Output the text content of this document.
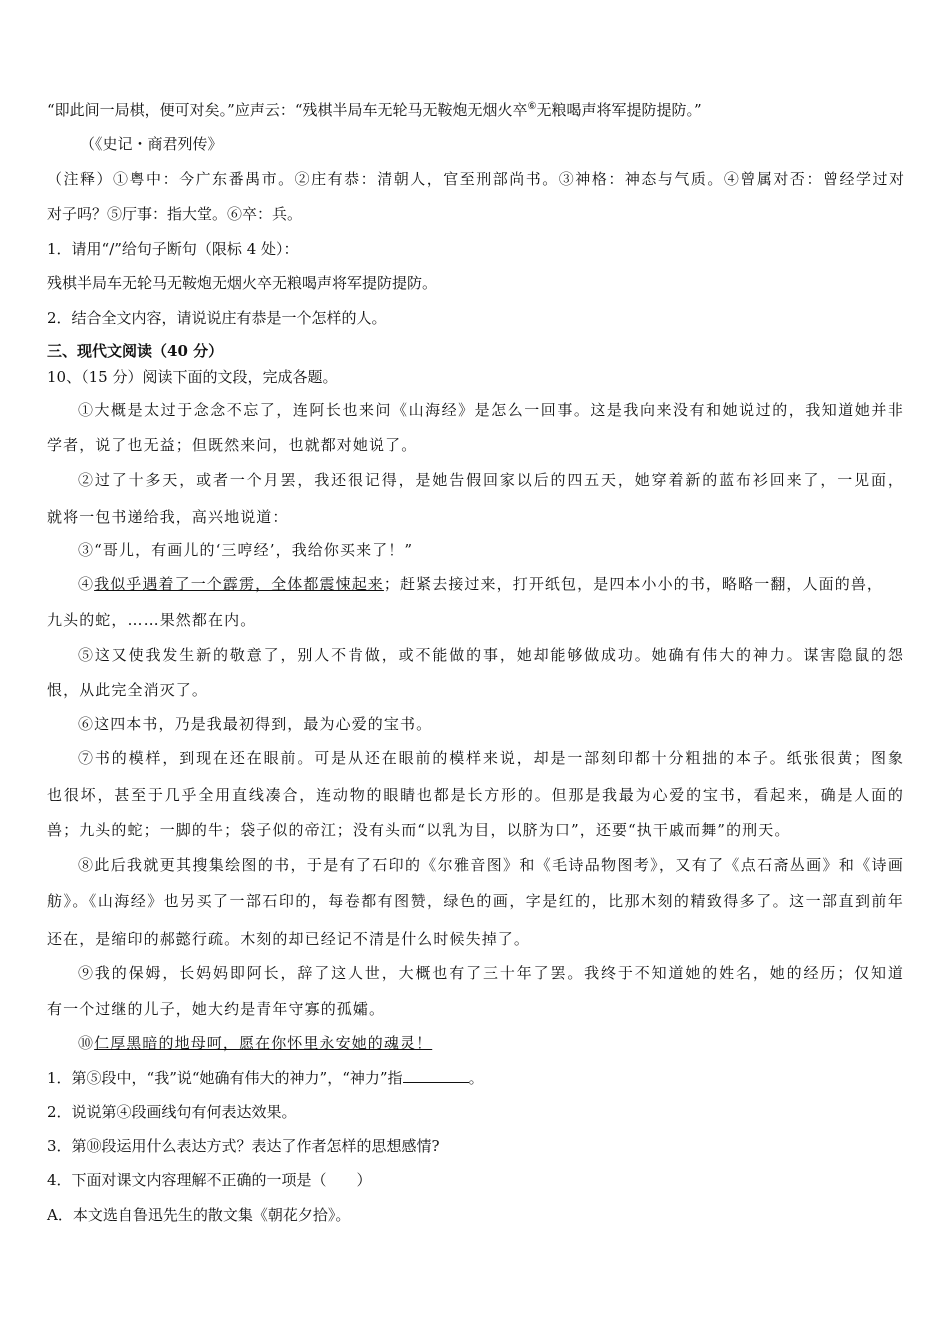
“即此间一局棋，便可对矣。”应声云：“残棋半局车无轮马无鞍炮无烟火卒⑥无粮喝声将军提防提防。”
（《史记・商君列传》
（注释）①粤中：今广东番禺市。②庄有恭：清朝人，官至刑部尚书。③神格：神态与气质。④曾属对否：曾经学过对
对子吗？⑤厅事：指大堂。⑥卒：兵。
1．请用“/”给句子断句（限标 4 处）：
残棋半局车无轮马无鞍炮无烟火卒无粮喝声将军提防提防。
2．结合全文内容，请说说庄有恭是一个怎样的人。
三、现代文阅读（40 分）
10、（15 分）阅读下面的文段，完成各题。
①大概是太过于念念不忘了，连阿长也来问《山海经》是怎么一回事。这是我向来没有和她说过的，我知道她并非
学者，说了也无益；但既然来问，也就都对她说了。
②过了十多天，或者一个月罢，我还很记得，是她告假回家以后的四五天，她穿着新的蓝布衫回来了，一见面，
就将一包书递给我，高兴地说道：
③“哥儿，有画儿的‘三哼经’，我给你买来了！”
④我似乎遇着了一个霹雳，全体都震悚起来；赶紧去接过来，打开纸包，是四本小小的书，略略一翻，人面的兽，
九头的蛇，……果然都在内。
⑤这又使我发生新的敬意了，别人不肯做，或不能做的事，她却能够做成功。她确有伟大的神力。谋害隐鼠的怨
恨，从此完全消灭了。
⑥这四本书，乃是我最初得到，最为心爱的宝书。
⑦书的模样，到现在还在眼前。可是从还在眼前的模样来说，却是一部刻印都十分粗拙的本子。纸张很黄；图象
也很坏，甚至于几乎全用直线凑合，连动物的眼睛也都是长方形的。但那是我最为心爱的宝书，看起来，确是人面的
兽；九头的蛇；一脚的牛；袋子似的帝江；没有头而“以乳为目，以脐为口”，还要“执干戚而舞”的刑天。
⑧此后我就更其搜集绘图的书，于是有了石印的《尔雅音图》和《毛诗品物图考》，又有了《点石斋丛画》和《诗画
舫》。《山海经》也另买了一部石印的，每卷都有图赞，绿色的画，字是红的，比那木刻的精致得多了。这一部直到前年
还在，是缩印的郝懿行疏。木刻的却已经记不清是什么时候失掉了。
⑨我的保姆，长妈妈即阿长，辞了这人世，大概也有了三十年了罢。我终于不知道她的姓名，她的经历；仅知道
有一个过继的儿子，她大约是青年守寡的孤孀。
⑩仁厚黑暗的地母呵，愿在你怀里永安她的魂灵！
1．第⑤段中，“我”说“她确有伟大的神力”，“神力”指	。
2．说说第④段画线句有何表达效果。
3．第⑩段运用什么表达方式？表达了作者怎样的思想感情?
4．下面对课文内容理解不正确的一项是（　　）
A．本文选自鲁迅先生的散文集《朝花夕拾》。
